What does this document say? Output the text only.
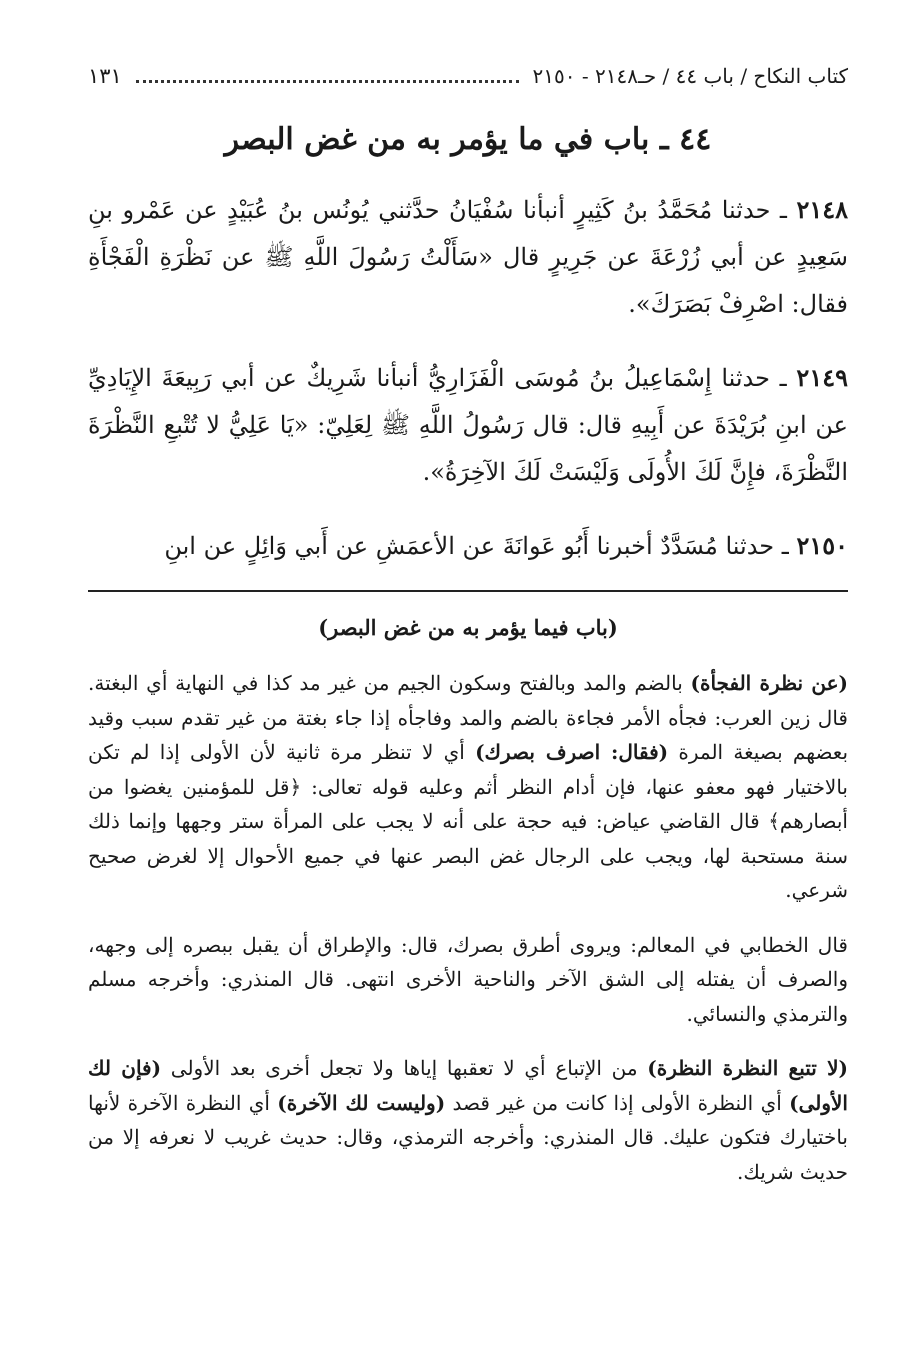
كتاب النكاح / باب ٤٤ / حـ٢١٤٨ - ٢١٥٠
١٣١
٤٤ ـ باب في ما يؤمر به من غض البصر

٢١٤٨ ـ حدثنا مُحَمَّدُ بنُ كَثِيرٍ أنبأنا سُفْيَانُ حدَّثني يُونُس بنُ عُبَيْدٍ عن عَمْرو بنِ سَعِيدٍ عن أبي زُرْعَةَ عن جَرِيرٍ قال «سَأَلْتُ رَسُولَ اللَّهِ ﷺ عن نَظْرَةِ الْفَجْأَةِ فقال: اصْرِفْ بَصَرَكَ».

٢١٤٩ ـ حدثنا إِسْمَاعِيلُ بنُ مُوسَى الْفَزَارِيُّ أنبأنا شَرِيكٌ عن أبي رَبِيعَةَ الإِيَادِيِّ عن ابنِ بُرَيْدَةَ عن أَبِيهِ قال: قال رَسُولُ اللَّهِ ﷺ لِعَلِيّ: «يَا عَلِيُّ لا تُتْبعِ النَّظْرَةَ النَّظْرَةَ، فإِنَّ لَكَ الأُولَى وَلَيْسَتْ لَكَ الآخِرَةُ».

٢١٥٠ ـ حدثنا مُسَدَّدٌ أخبرنا أَبُو عَوانَةَ عن الأعمَشِ عن أَبي وَائِلٍ عن ابنِ

(باب فيما يؤمر به من غض البصر)

(عن نظرة الفجأة) بالضم والمد وبالفتح وسكون الجيم من غير مد كذا في النهاية أي البغتة. قال زين العرب: فجأه الأمر فجاءة بالضم والمد وفاجأه إذا جاء بغتة من غير تقدم سبب وقيد بعضهم بصيغة المرة (فقال: اصرف بصرك) أي لا تنظر مرة ثانية لأن الأولى إذا لم تكن بالاختيار فهو معفو عنها، فإن أدام النظر أثم وعليه قوله تعالى: ﴿قل للمؤمنين يغضوا من أبصارهم﴾ قال القاضي عياض: فيه حجة على أنه لا يجب على المرأة ستر وجهها وإنما ذلك سنة مستحبة لها، ويجب على الرجال غض البصر عنها في جميع الأحوال إلا لغرض صحيح شرعي.

قال الخطابي في المعالم: ويروى أطرق بصرك، قال: والإطراق أن يقبل ببصره إلى وجهه، والصرف أن يفتله إلى الشق الآخر والناحية الأخرى انتهى. قال المنذري: وأخرجه مسلم والترمذي والنسائي.

(لا تتبع النظرة النظرة) من الإتباع أي لا تعقبها إياها ولا تجعل أخرى بعد الأولى (فإن لك الأولى) أي النظرة الأولى إذا كانت من غير قصد (وليست لك الآخرة) أي النظرة الآخرة لأنها باختيارك فتكون عليك. قال المنذري: وأخرجه الترمذي، وقال: حديث غريب لا نعرفه إلا من حديث شريك.
